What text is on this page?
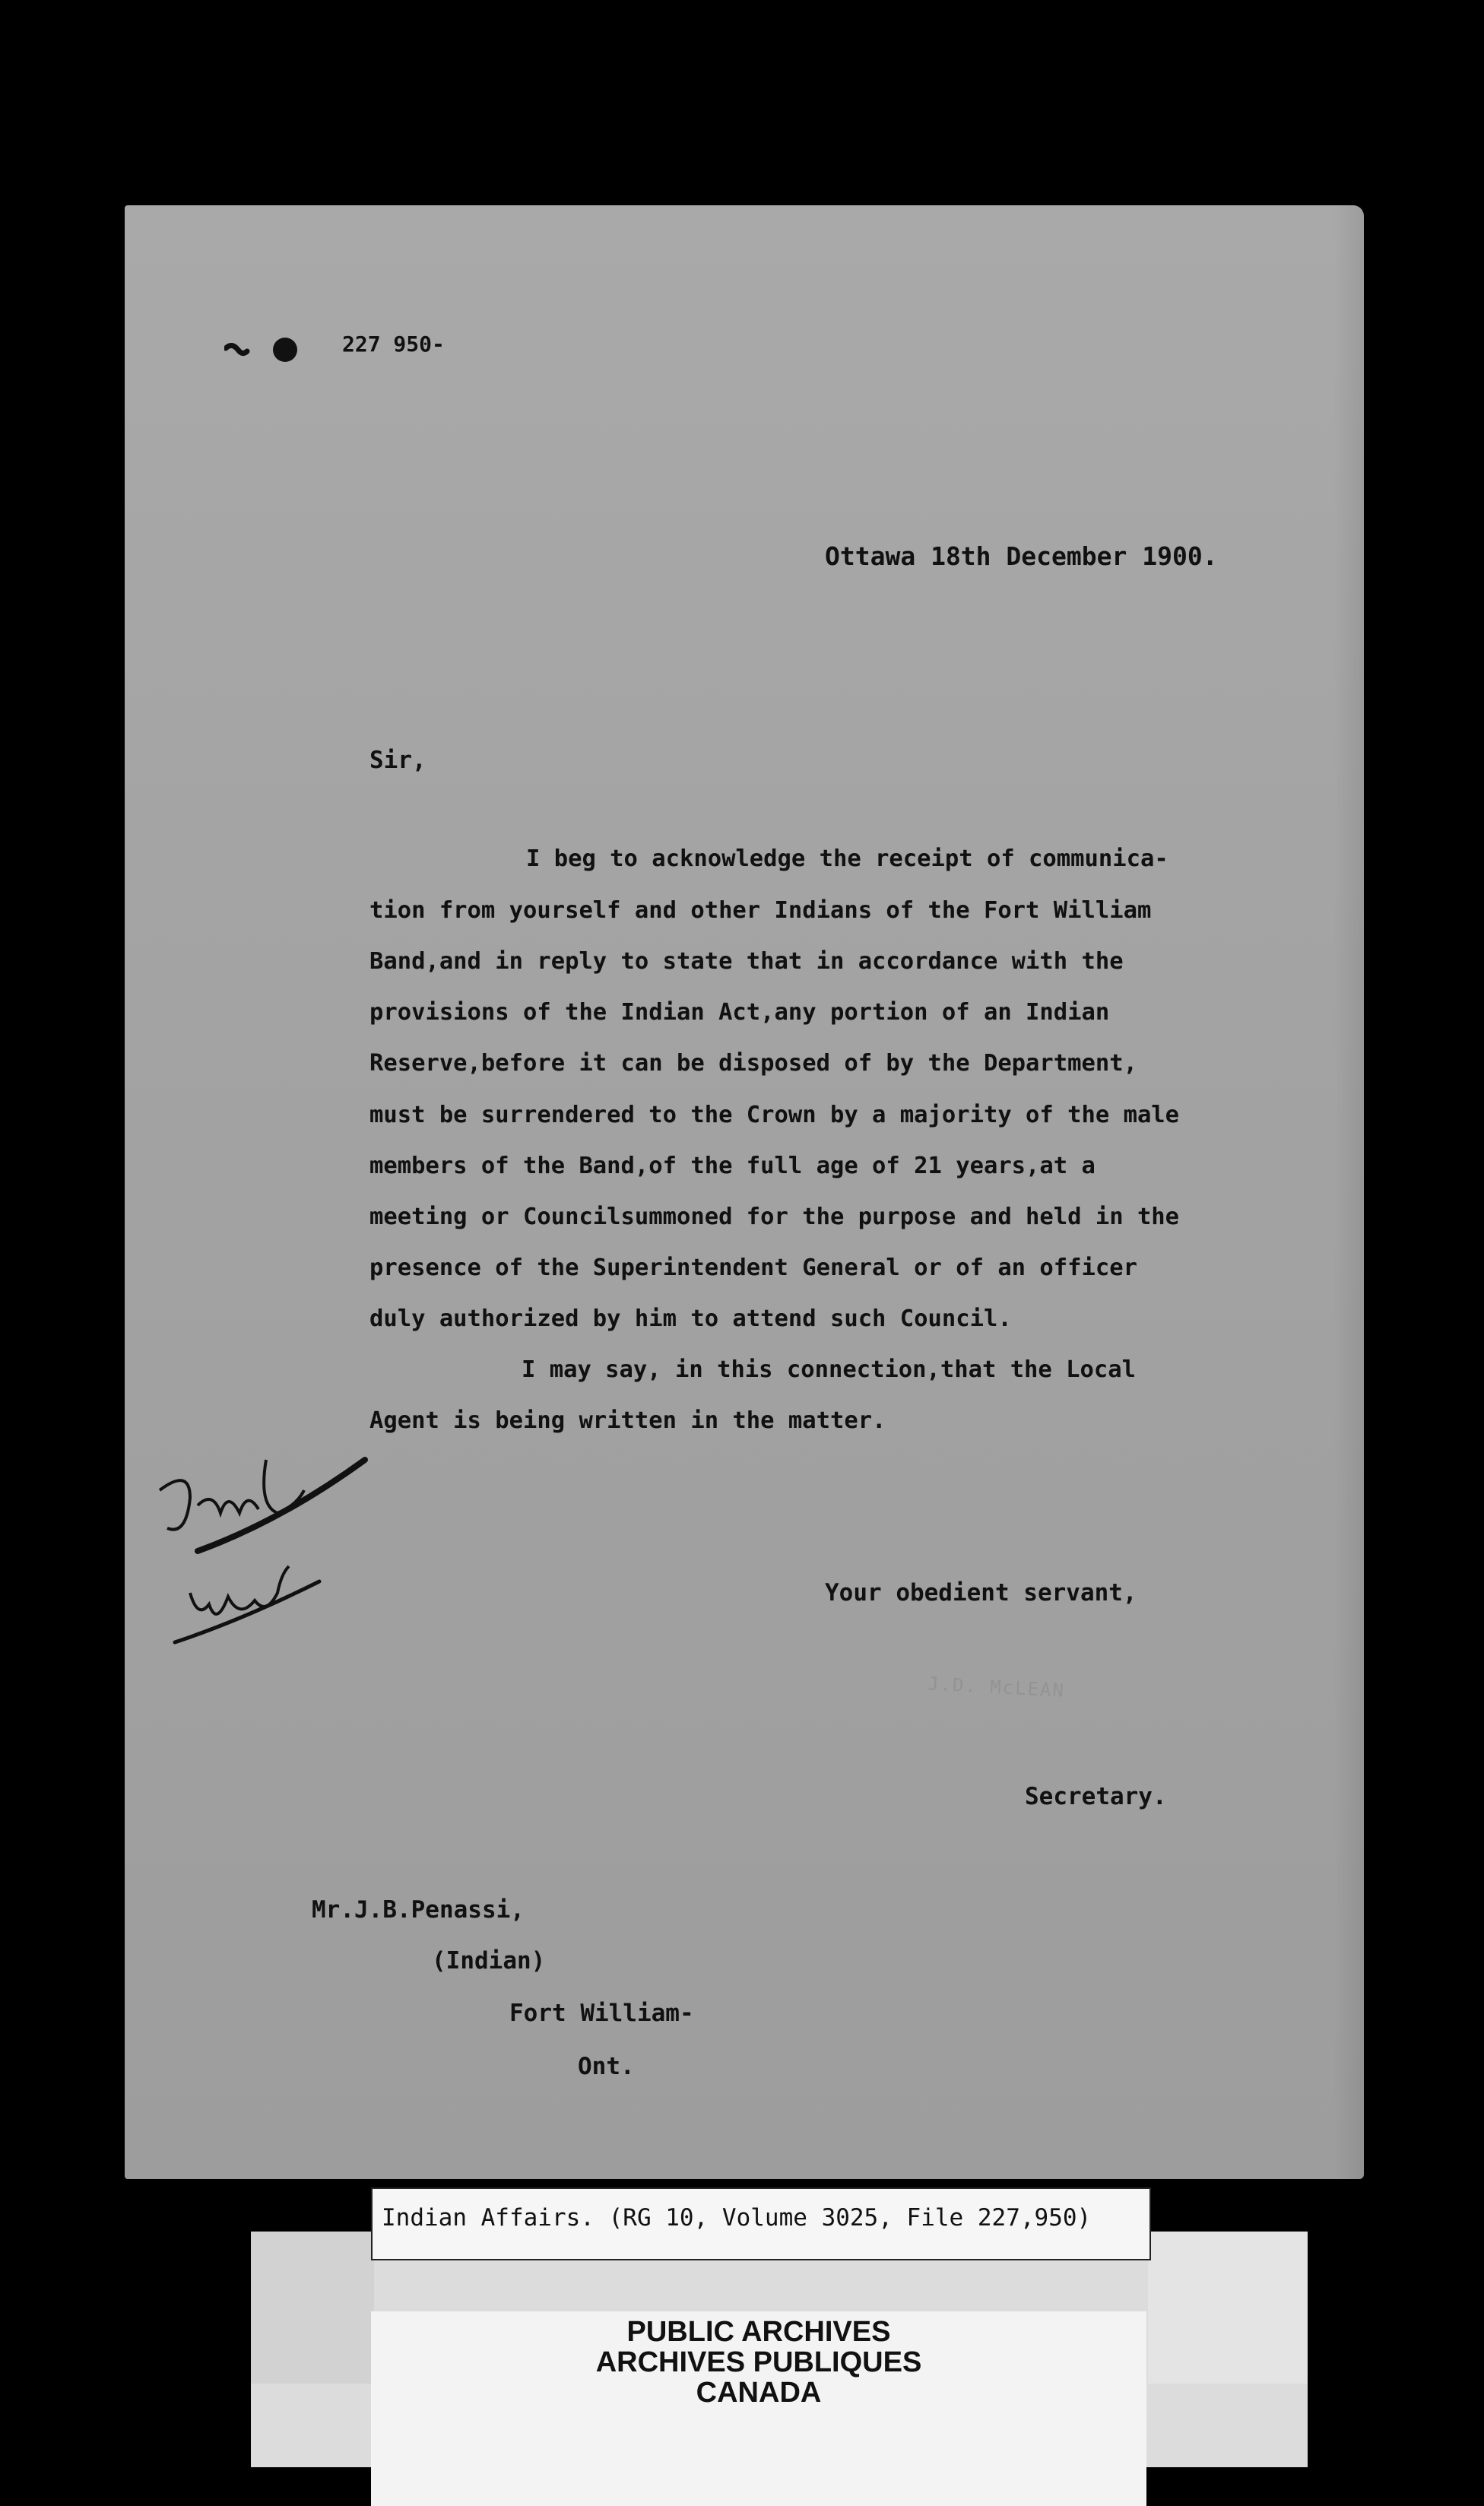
227 950-

Ottawa 18th December 1900.

Sir,

I beg to acknowledge the receipt of communica-

tion from yourself and other Indians of the Fort William

Band,and in reply to state that in accordance with the

provisions of the Indian Act,any portion of an Indian

Reserve,before it can be disposed of by the Department,

must be surrendered to the Crown by a majority of the male

members of the Band,of the full age of 21 years,at a

meeting or Councilsummoned for the purpose and held in the

presence of the Superintendent General or of an officer

duly authorized by him to attend such Council.

I may say, in this connection,that the Local

Agent is being written in the matter.

Your obedient servant,

J.D. McLEAN

Secretary.

Mr.J.B.Penassi,

(Indian)

Fort William-

Ont.

Indian Affairs. (RG 10, Volume 3025, File 227,950)

PUBLIC ARCHIVES

ARCHIVES PUBLIQUES

CANADA
